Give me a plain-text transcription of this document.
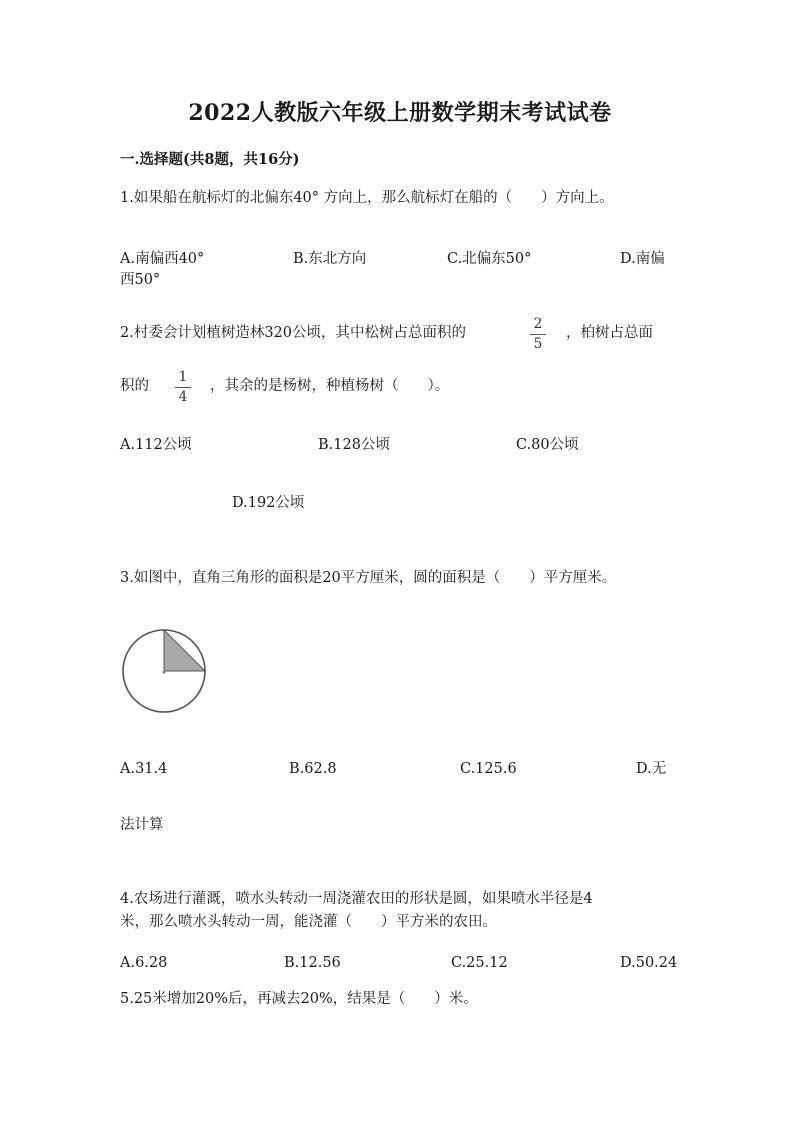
2022人教版六年级上册数学期末考试试卷
一.选择题(共8题，共16分)
1.如果船在航标灯的北偏东40° 方向上，那么航标灯在船的（　　）方向上。
A.南偏西40°	B.东北方向	C.北偏东50°	D.南偏
西50°
2.村委会计划植树造林320公顷，其中松树占总面积的
2
5
，柏树占总面
积的
1
4
，其余的是杨树，种植杨树（　　）。
A.112公顷	B.128公顷	C.80公顷
D.192公顷
3.如图中，直角三角形的面积是20平方厘米，圆的面积是（　　）平方厘米。
A.31.4	B.62.8	C.125.6	D.无
法计算
4.农场进行灌溉，喷水头转动一周浇灌农田的形状是圆，如果喷水半径是4
米，那么喷水头转动一周，能浇灌（　　）平方米的农田。
A.6.28	B.12.56	C.25.12	D.50.24
5.25米增加20%后，再减去20%，结果是（　　）米。
